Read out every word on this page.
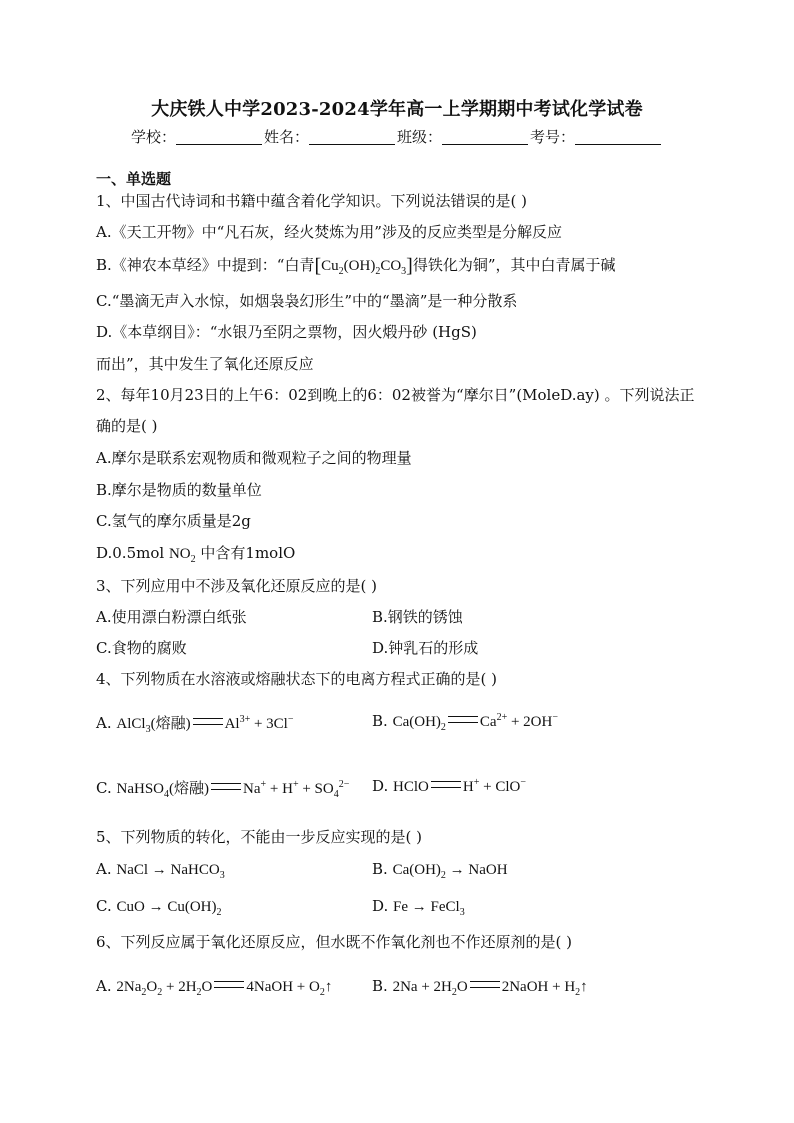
大庆铁人中学2023-2024学年高一上学期期中考试化学试卷
学校：	姓名：	班级：	考号：
一、单选题
1、中国古代诗词和书籍中蕴含着化学知识。下列说法错误的是( )
A.《天工开物》中“凡石灰，经火焚炼为用”涉及的反应类型是分解反应
B.《神农本草经》中提到：“白青$[Cu_2(OH)_2CO_3]$得铁化为铜”，其中白青属于碱
C.“墨滴无声入水惊，如烟袅袅幻形生”中的“墨滴”是一种分散系
D.《本草纲目》：“水银乃至阴之票物，因火煅丹砂 (HgS)
而出”，其中发生了氧化还原反应
2、每年10月23日的上午6：02到晚上的6：02被誉为“摩尔日”(MoleD.ay) 。下列说法正
确的是( )
A.摩尔是联系宏观物质和微观粒子之间的物理量
B.摩尔是物质的数量单位
C.氢气的摩尔质量是2g
D.0.5mol $NO_2$ 中含有1molO
3、下列应用中不涉及氧化还原反应的是( )
A.使用漂白粉漂白纸张	B.钢铁的锈蚀
C.食物的腐败	D.钟乳石的形成
4、下列物质在水溶液或熔融状态下的电离方程式正确的是( )
A. AlCl$_3$(熔融) $Al^{3+} + 3Cl^-$	B. $Ca(OH)_2$ $Ca^{2+} + 2OH^-$
C. NaHSO$_4$(熔融) $Na^+ + H^+ + SO_4^{2-}$ D. HClO H+ + ClO−
5、下列物质的转化，不能由一步反应实现的是( )
A. NaCl → NaHCO$_3$	B. $Ca(OH)_2$ → NaOH
C. CuO → $Cu(OH)_2$	D. Fe → FeCl$_3$
6、下列反应属于氧化还原反应，但水既不作氧化剂也不作还原剂的是( )
A. $2Na_2O_2 + 2H_2O$ 4NaOH + $O_2↑$	B. $2Na + 2H_2O$ 2NaOH + $H_2↑$
